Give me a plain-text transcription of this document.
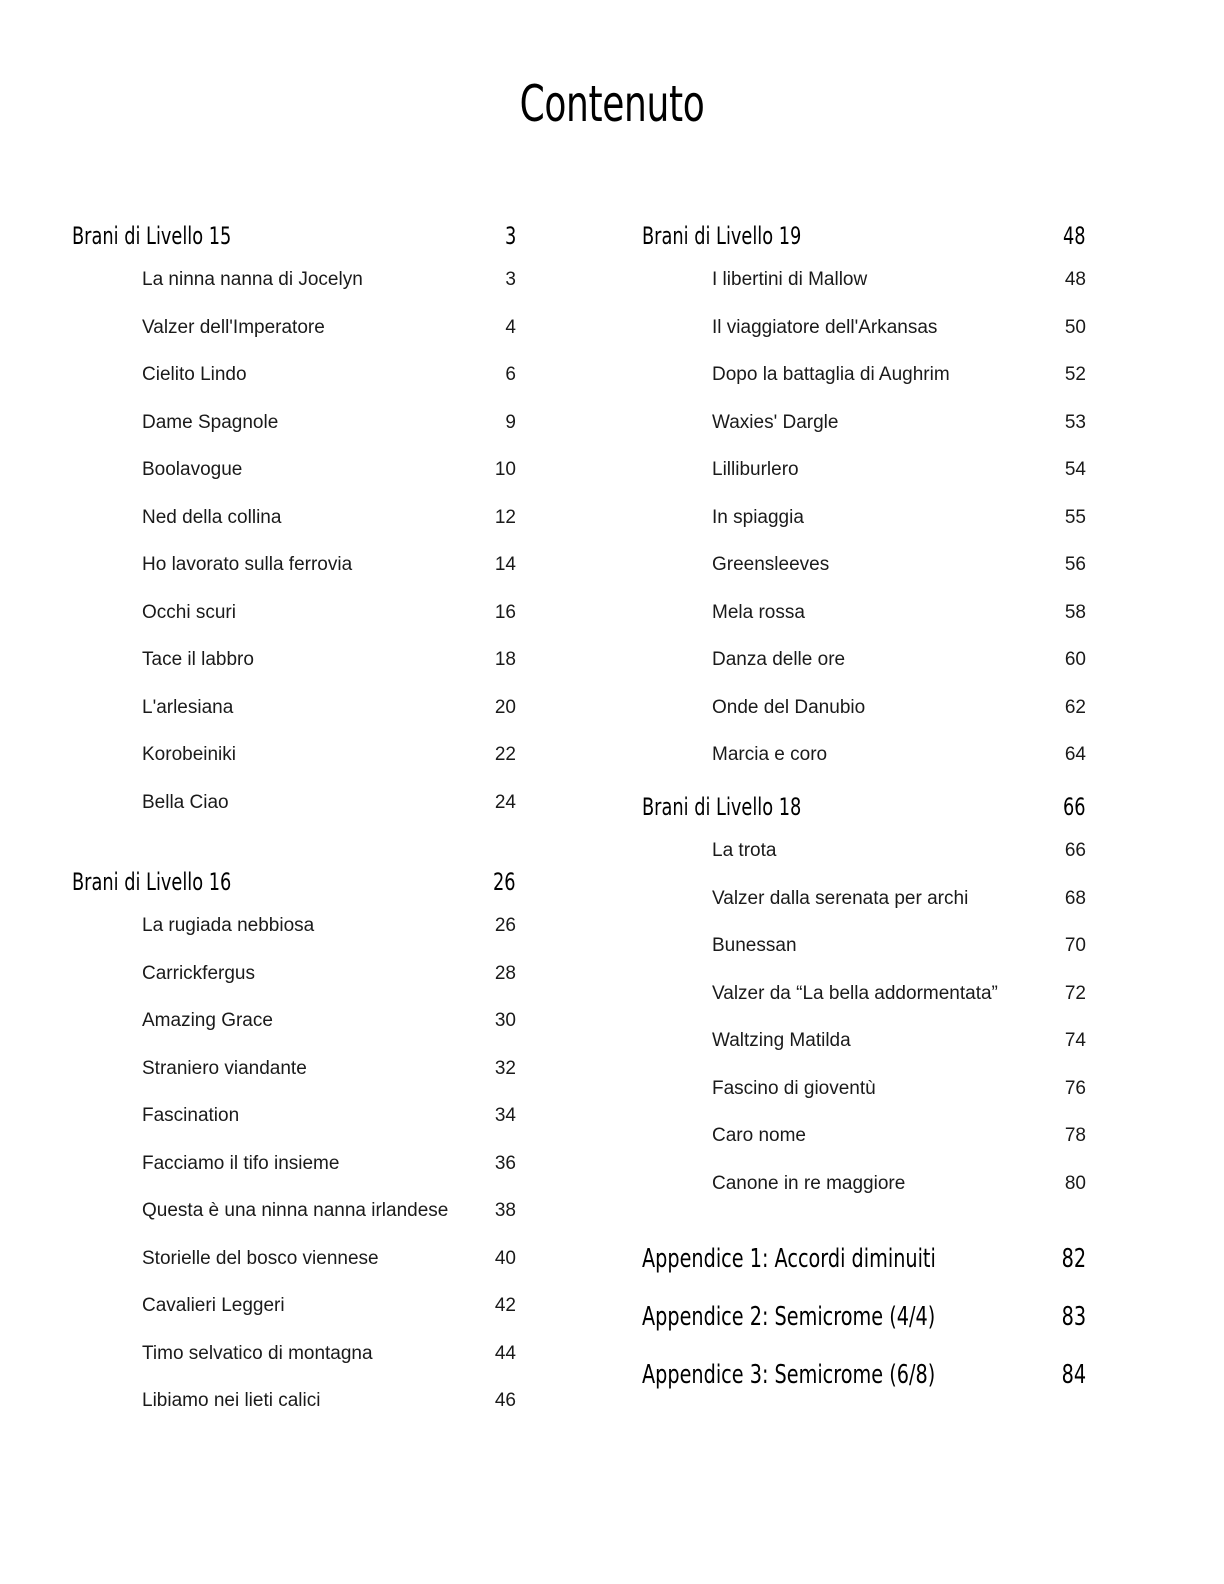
Contenuto
Brani di Livello 15	3
La ninna nanna di Jocelyn	3
Valzer dell'Imperatore	4
Cielito Lindo	6
Dame Spagnole	9
Boolavogue	10
Ned della collina	12
Ho lavorato sulla ferrovia	14
Occhi scuri	16
Tace il labbro	18
L'arlesiana	20
Korobeiniki	22
Bella Ciao	24
Brani di Livello 16	26
La rugiada nebbiosa	26
Carrickfergus	28
Amazing Grace	30
Straniero viandante	32
Fascination	34
Facciamo il tifo insieme	36
Questa è una ninna nanna irlandese 38
Storielle del bosco viennese	40
Cavalieri Leggeri	42
Timo selvatico di montagna	44
Libiamo nei lieti calici	46
Brani di Livello 19	48
I libertini di Mallow	48
Il viaggiatore dell'Arkansas	50
Dopo la battaglia di Aughrim	52
Waxies' Dargle	53
Lilliburlero	54
In spiaggia	55
Greensleeves	56
Mela rossa	58
Danza delle ore	60
Onde del Danubio	62
Marcia e coro	64
Brani di Livello 18	66
La trota	66
Valzer dalla serenata per archi	68
Bunessan	70
Valzer da “La bella addormentata”	72
Waltzing Matilda	74
Fascino di gioventù	76
Caro nome	78
Canone in re maggiore	80
Appendice 1: Accordi diminuiti	82
Appendice 2: Semicrome (4/4)	83
Appendice 3: Semicrome (6/8)	84
